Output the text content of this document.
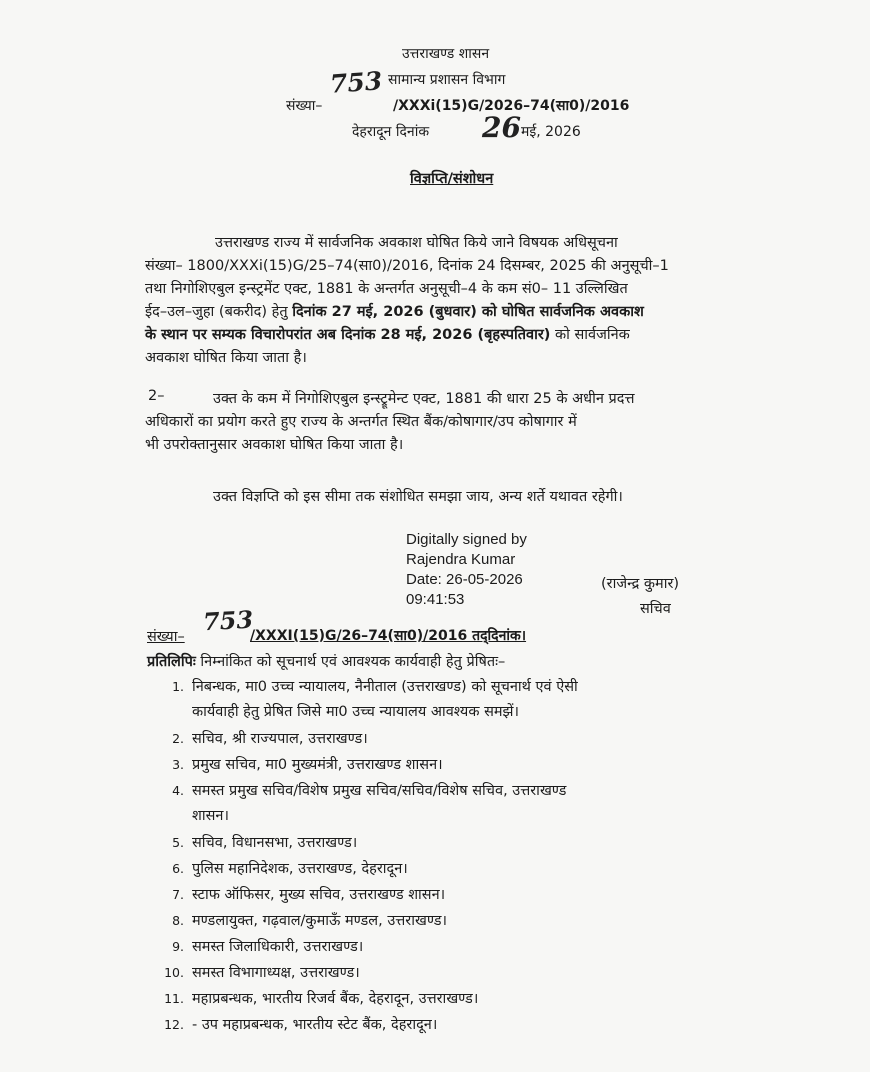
उत्तराखण्ड शासन
सामान्य प्रशासन विभाग
753
संख्या–	/XXXi(15)G/2026–74(सा0)/2016
देहरादून दिनांक 26 मई, 2026
विज्ञप्ति/संशोधन
उत्तराखण्ड राज्य में सार्वजनिक अवकाश घोषित किये जाने विषयक अधिसूचना
संख्या– 1800/XXXi(15)G/25–74(सा0)/2016, दिनांक 24 दिसम्बर, 2025 की अनुसूची–1
तथा निगोशिएबुल इन्स्ट्रमेंट एक्ट, 1881 के अन्तर्गत अनुसूची–4 के कम सं0– 11 उल्लिखित
ईद–उल–जुहा (बकरीद) हेतु दिनांक 27 मई, 2026 (बुधवार) को घोषित सार्वजनिक अवकाश
के स्थान पर सम्यक विचारोपरांत अब दिनांक 28 मई, 2026 (बृहस्पतिवार) को सार्वजनिक
अवकाश घोषित किया जाता है।
2–	उक्त के कम में निगोशिएबुल इन्स्ट्रूमेन्ट एक्ट, 1881 की धारा 25 के अधीन प्रदत्त
अधिकारों का प्रयोग करते हुए राज्य के अन्तर्गत स्थित बैंक/कोषागार/उप कोषागार में
भी उपरोक्तानुसार अवकाश घोषित किया जाता है।
उक्त विज्ञप्ति को इस सीमा तक संशोधित समझा जाय, अन्य शर्ते यथावत रहेगी।
Digitally signed by
Rajendra Kumar
Date: 26-05-2026
09:41:53
(राजेन्द्र कुमार)
सचिव
संख्या–
753
/XXXI(15)G/26–74(सा0)/2016 तद्‌दिनांक।
प्रतिलिपिः निम्नांकित को सूचनार्थ एवं आवश्यक कार्यवाही हेतु प्रेषितः–
1. निबन्धक, मा0 उच्च न्यायालय, नैनीताल (उत्तराखण्ड) को सूचनार्थ एवं ऐसी
कार्यवाही हेतु प्रेषित जिसे मा0 उच्च न्यायालय आवश्यक समझें।
2. सचिव, श्री राज्यपाल, उत्तराखण्ड।
3. प्रमुख सचिव, मा0 मुख्यमंत्री, उत्तराखण्ड शासन।
4. समस्त प्रमुख सचिव/विशेष प्रमुख सचिव/सचिव/विशेष सचिव, उत्तराखण्ड
शासन।
5. सचिव, विधानसभा, उत्तराखण्ड।
6. पुलिस महानिदेशक, उत्तराखण्ड, देहरादून।
7. स्टाफ ऑफिसर, मुख्य सचिव, उत्तराखण्ड शासन।
8. मण्डलायुक्त, गढ़वाल/कुमाऊँ मण्डल, उत्तराखण्ड।
9. समस्त जिलाधिकारी, उत्तराखण्ड।
10. समस्त विभागाध्यक्ष, उत्तराखण्ड।
11. महाप्रबन्धक, भारतीय रिजर्व बैंक, देहरादून, उत्तराखण्ड।
12. - उप महाप्रबन्धक, भारतीय स्टेट बैंक, देहरादून।
